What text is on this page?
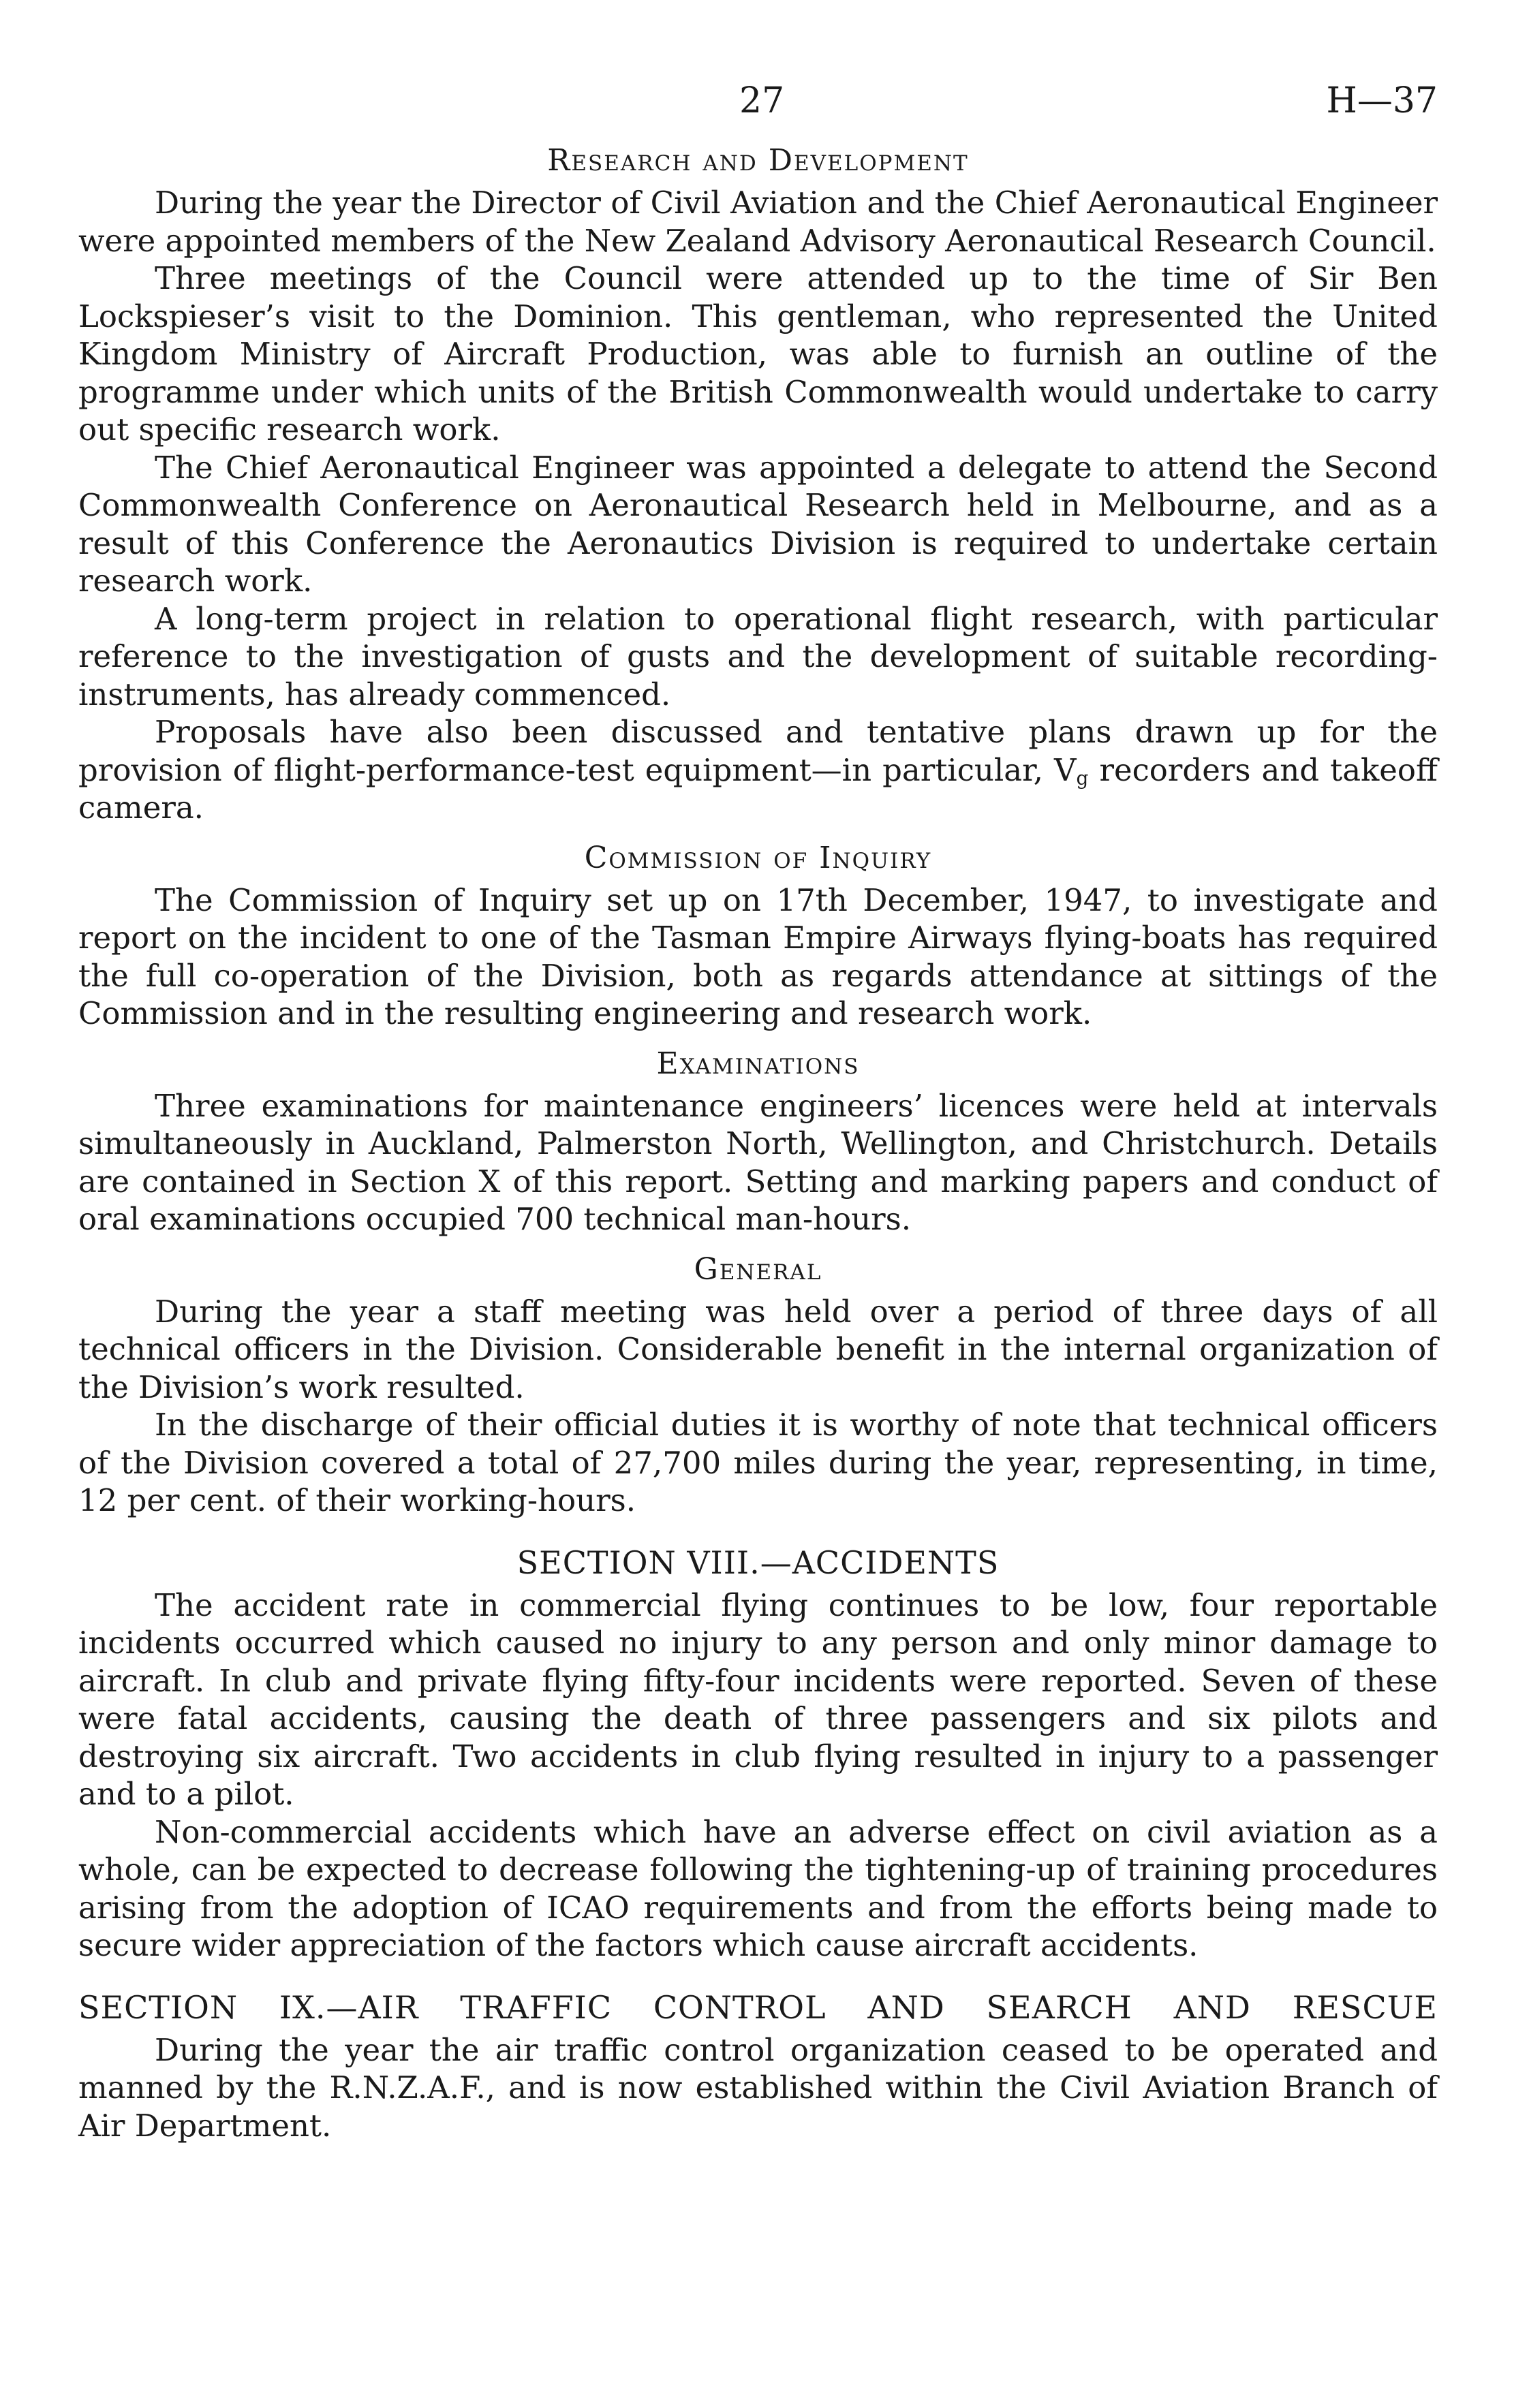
27	H—37
Research and Development

During the year the Director of Civil Aviation and the Chief Aeronautical Engineer were appointed members of the New Zealand Advisory Aeronautical Research Council.

Three meetings of the Council were attended up to the time of Sir Ben Lockspieser’s visit to the Dominion. This gentleman, who represented the United Kingdom Ministry of Aircraft Production, was able to furnish an outline of the programme under which units of the British Commonwealth would undertake to carry out specific research work.

The Chief Aeronautical Engineer was appointed a delegate to attend the Second Commonwealth Conference on Aeronautical Research held in Melbourne, and as a result of this Conference the Aeronautics Division is required to undertake certain research work.

A long-term project in relation to operational flight research, with particular reference to the investigation of gusts and the development of suitable recording-instruments, has already commenced.

Proposals have also been discussed and tentative plans drawn up for the provision of flight-performance-test equipment—in particular, $V_g$ recorders and takeoff camera.

Commission of Inquiry

The Commission of Inquiry set up on 17th December, 1947, to investigate and report on the incident to one of the Tasman Empire Airways flying-boats has required the full co-operation of the Division, both as regards attendance at sittings of the Commission and in the resulting engineering and research work.

Examinations

Three examinations for maintenance engineers’ licences were held at intervals simultaneously in Auckland, Palmerston North, Wellington, and Christchurch. Details are contained in Section X of this report. Setting and marking papers and conduct of oral examinations occupied 700 technical man-hours.

General

During the year a staff meeting was held over a period of three days of all technical officers in the Division. Considerable benefit in the internal organization of the Division’s work resulted.

In the discharge of their official duties it is worthy of note that technical officers of the Division covered a total of 27,700 miles during the year, representing, in time, 12 per cent. of their working-hours.

SECTION VIII.—ACCIDENTS

The accident rate in commercial flying continues to be low, four reportable incidents occurred which caused no injury to any person and only minor damage to aircraft. In club and private flying fifty-four incidents were reported. Seven of these were fatal accidents, causing the death of three passengers and six pilots and destroying six aircraft. Two accidents in club flying resulted in injury to a passenger and to a pilot.

Non-commercial accidents which have an adverse effect on civil aviation as a whole, can be expected to decrease following the tightening-up of training procedures arising from the adoption of ICAO requirements and from the efforts being made to secure wider appreciation of the factors which cause aircraft accidents.

SECTION IX.—AIR TRAFFIC CONTROL AND SEARCH AND RESCUE

During the year the air traffic control organization ceased to be operated and manned by the R.N.Z.A.F., and is now established within the Civil Aviation Branch of Air Department.
